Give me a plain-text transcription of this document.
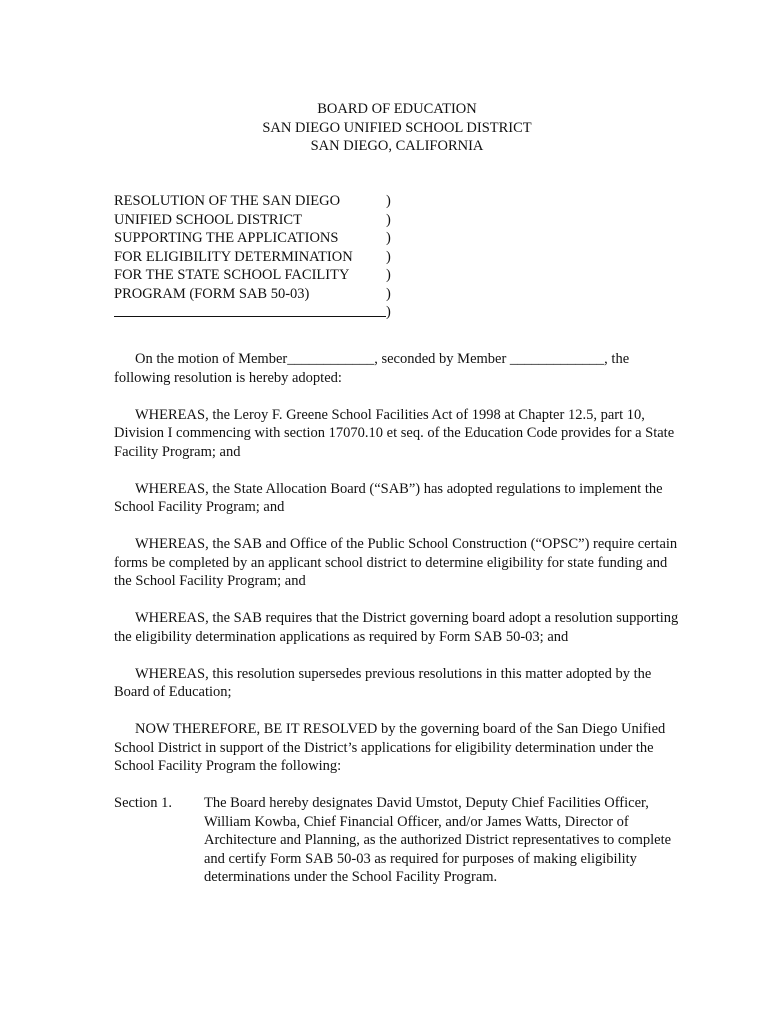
BOARD OF EDUCATION
SAN DIEGO UNIFIED SCHOOL DISTRICT
SAN DIEGO, CALIFORNIA
RESOLUTION OF THE SAN DIEGO	)
UNIFIED SCHOOL DISTRICT	)
SUPPORTING THE APPLICATIONS	)
FOR ELIGIBILITY DETERMINATION )
FOR THE STATE SCHOOL FACILITY	)
PROGRAM (FORM SAB 50-03)	)
)

On the motion of Member____________, seconded by Member _____________, the following resolution is hereby adopted:

WHEREAS, the Leroy F. Greene School Facilities Act of 1998 at Chapter 12.5, part 10, Division I commencing with section 17070.10 et seq. of the Education Code provides for a State Facility Program; and

WHEREAS, the State Allocation Board (“SAB”) has adopted regulations to implement the School Facility Program; and

WHEREAS, the SAB and Office of the Public School Construction (“OPSC”) require certain forms be completed by an applicant school district to determine eligibility for state funding and the School Facility Program; and

WHEREAS, the SAB requires that the District governing board adopt a resolution supporting the eligibility determination applications as required by Form SAB 50-03; and

WHEREAS, this resolution supersedes previous resolutions in this matter adopted by the Board of Education;

NOW THEREFORE, BE IT RESOLVED by the governing board of the San Diego Unified School District in support of the District’s applications for eligibility determination under the School Facility Program the following:

Section 1.	The Board hereby designates David Umstot, Deputy Chief Facilities Officer, William Kowba, Chief Financial Officer, and/or James Watts, Director of Architecture and Planning, as the authorized District representatives to complete and certify Form SAB 50-03 as required for purposes of making eligibility determinations under the School Facility Program.
